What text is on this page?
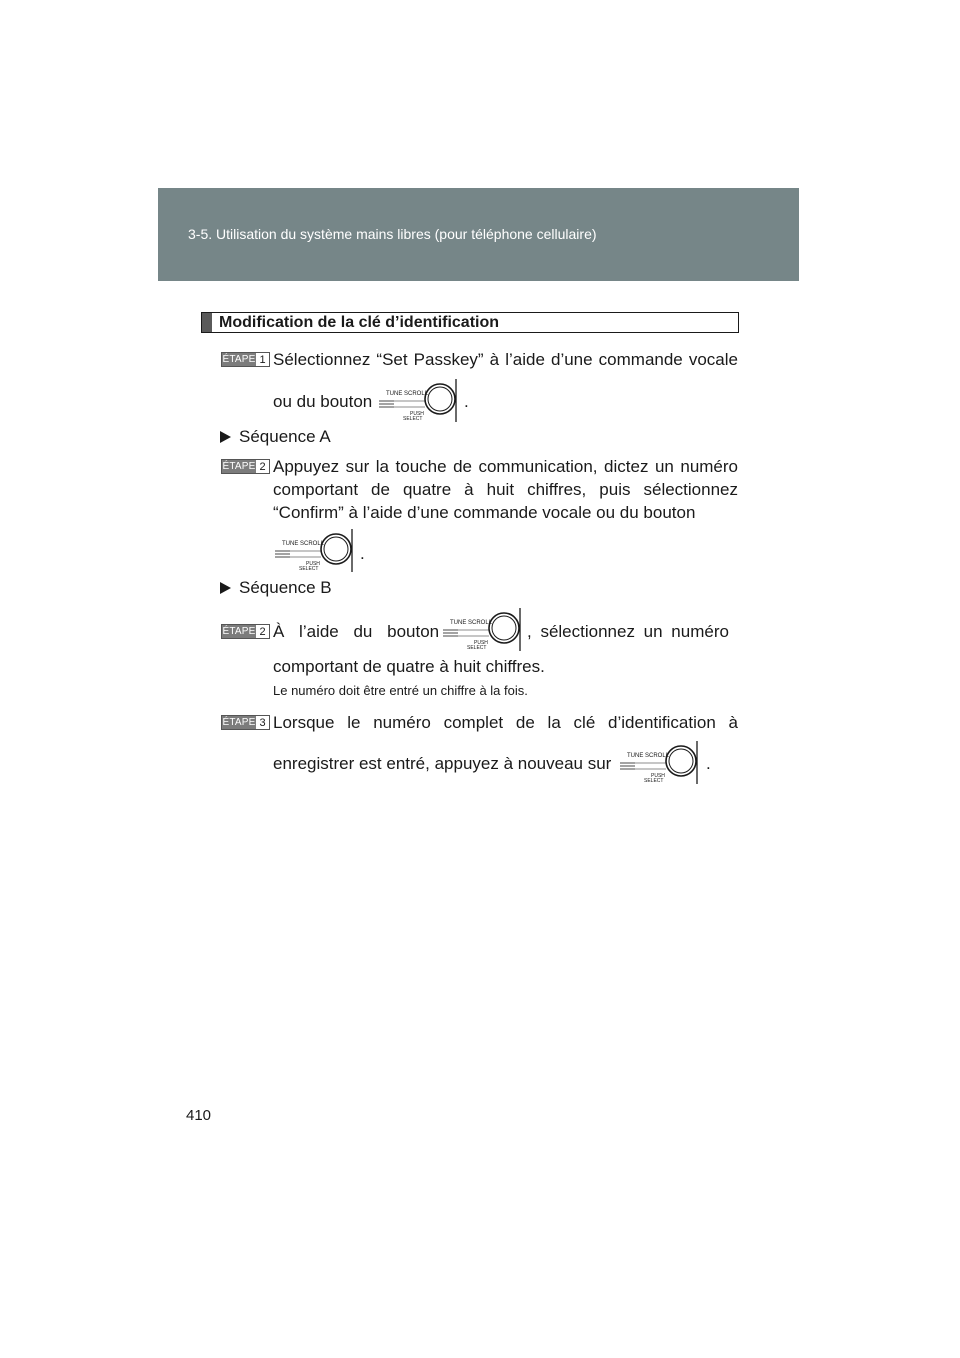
3-5. Utilisation du système mains libres (pour téléphone cellulaire)
Modification de la clé d’identification
ÉTAPE 1 Sélectionnez “Set Passkey” à l’aide d’une commande vocale
ou du bouton TUNE SCROLL
PUSH
SELECT
.
Séquence A
ÉTAPE 2 Appuyez sur la touche de communication, dictez un numéro comportant de quatre à huit chiffres, puis sélectionnez “Confirm” à l’aide d’une commande vocale ou du bouton
TUNE SCROLL
PUSH
SELECT
.
Séquence B
ÉTAPE 2 À l’aide du bouton TUNE SCROLL
PUSH
SELECT
, sélectionnez un numéro
comportant de quatre à huit chiffres.
Le numéro doit être entré un chiffre à la fois.
ÉTAPE 3 Lorsque le numéro complet de la clé d’identification à
enregistrer est entré, appuyez à nouveau sur	TUNE SCROLL
PUSH
SELECT
.
410
